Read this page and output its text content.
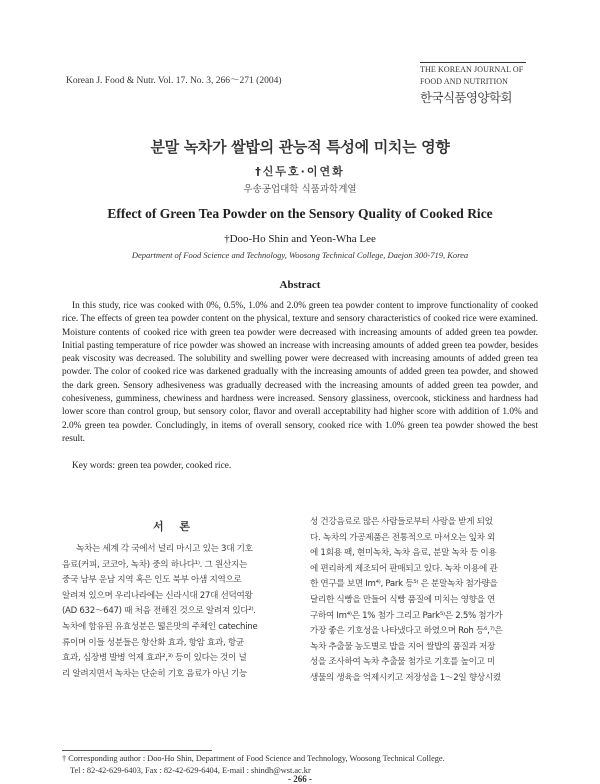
Korean J. Food & Nutr. Vol. 17. No. 3, 266～271 (2004)
THE KOREAN JOURNAL OF
FOOD AND NUTRITION
한국식품영양학회
분말 녹차가 쌀밥의 관능적 특성에 미치는 영향
†신두호·이연화
우송공업대학 식품과학계열
Effect of Green Tea Powder on the Sensory Quality of Cooked Rice
†Doo-Ho Shin and Yeon-Wha Lee
Department of Food Science and Technology, Woosong Technical College, Daejon 300-719, Korea
Abstract

In this study, rice was cooked with 0%, 0.5%, 1.0% and 2.0% green tea powder content to improve functionality of cooked rice. The effects of green tea powder content on the physical, texture and sensory characteristics of cooked rice were examined. Moisture contents of cooked rice with green tea powder were decreased with increasing amounts of added green tea powder. Initial pasting temperature of rice powder was showed an increase with increasing amounts of added green tea powder, besides peak viscosity was decreased. The solubility and swelling power were decreased with increasing amounts of added green tea powder. The color of cooked rice was darkened gradually with the increasing amounts of added green tea powder, and showed the dark green. Sensory adhesiveness was gradually decreased with the increasing amounts of added green tea powder, and cohesiveness, gumminess, chewiness and hardness were increased. Sensory glassiness, overcook, stickiness and hardness had lower score than control group, but sensory color, flavor and overall acceptability had higher score with addition of 1.0% and 2.0% green tea powder. Concludingly, in items of overall sensory, cooked rice with 1.0% green tea powder showed the best result.

Key words: green tea powder, cooked rice.
서 론

녹차는 세계 각 국에서 널리 마시고 있는 3대 기호

음료(커피, 코코아, 녹차) 중의 하나다¹⁾. 그 원산지는

중국 남부 운남 지역 혹은 인도 북부 아샘 지역으로

알려져 있으며 우리나라에는 신라시대 27대 선덕여왕

(AD 632～647) 때 처음 전해진 것으로 알려져 있다²⁾.

녹차에 함유된 유효성분은 떫은맛의 주체인 catechine

류이며 이들 성분들은 항산화 효과, 항암 효과, 항균

효과, 심장병 발병 억제 효과²,³⁾ 등이 있다는 것이 널

리 알려지면서 녹차는 단순히 기호 음료가 아닌 기능

성 건강음료로 많은 사람들로부터 사랑을 받게 되었

다. 녹차의 가공제품은 전통적으로 마셔오는 잎차 외

에 1회용 팩, 현미녹차, 녹차 음료, 분말 녹차 등 이용

에 편리하게 제조되어 판매되고 있다. 녹차 이용에 관

한 연구를 보면 Im⁴⁾, Park 등⁵⁾ 은 분말녹차 첨가량을

달리한 식빵을 만들어 식빵 품질에 미치는 영향을 연

구하여 Im⁴⁾은 1% 첨가 그리고 Park⁵⁾은 2.5% 첨가가

가장 좋은 기호성을 나타냈다고 하였으며 Roh 등⁶,⁷⁾은

녹차 추출물 농도별로 밥을 지어 쌀밥의 품질과 저장

성을 조사하여 녹차 추출물 첨가로 기호를 높이고 미

생물의 생육을 억제시키고 저장성을 1～2일 향상시켰

† Corresponding author : Doo-Ho Shin, Department of Food Science and Technology, Woosong Technical College.
Tel : 82-42-629-6403, Fax : 82-42-629-6404, E-mail : shindh@wst.ac.kr
- 266 -
